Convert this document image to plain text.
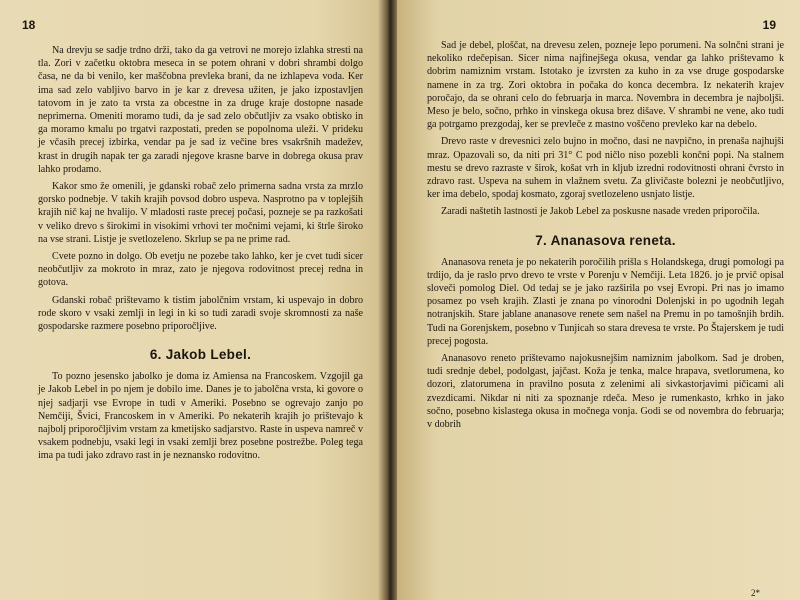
18

Na drevju se sadje trdno drži, tako da ga vetrovi ne morejo izlahka stresti na tla. Zori v začetku oktobra meseca in se potem ohrani v dobri shrambi dolgo časa, ne da bi venilo, ker maščobna prevleka brani, da ne izhlapeva voda. Ker ima sad zelo vabljivo barvo in je kar z drevesa užiten, je jako izpostavljen tatovom in je zato ta vrsta za obcestne in za druge kraje dostopne nasade neprimerna. Omeniti moramo tudi, da je sad zelo občutljiv za vsako obtisko in ga moramo kmalu po trgatvi razpostati, preden se popolnoma uleži. V prideku je včasih precej izbirka, vendar pa je sad iz večine bres vsakršnih madežev, krast in drugih napak ter ga zaradi njegove krasne barve in dobrega okusa prav lahko prodamo.

Kakor smo že omenili, je gdanski robač zelo primerna sadna vrsta za mrzlo gorsko podnebje. V takih krajih povsod dobro uspeva. Nasprotno pa v toplejših krajih nič kaj ne hvalijo. V mladosti raste precej počasi, pozneje se pa razkošati v veliko drevo s širokimi in visokimi vrhovi ter močnimi vejami, ki štrle široko na vse strani. Listje je svetlozeleno. Skrlup se pa ne prime rad.

Cvete pozno in dolgo. Ob evetju ne pozebe tako lahko, ker je cvet tudi sicer neobčutljiv za mokroto in mraz, zato je njegova rodovitnost precej redna in gotova.

Gdanski robač prištevamo k tistim jabolčnim vrstam, ki uspevajo in dobro rode skoro v vsaki zemlji in legi in ki so tudi zaradi svoje skromnosti za naše gospodarske razmere posebno priporočljive.

6. Jakob Lebel.

To pozno jesensko jabolko je doma iz Amiensa na Francoskem. Vzgojil ga je Jakob Lebel in po njem je dobilo ime. Danes je to jabolčna vrsta, ki govore o njej sadjarji vse Evrope in tudi v Ameriki. Posebno se ogrevajo zanjo po Nemčiji, Švici, Francoskem in v Ameriki. Po nekaterih krajih jo prištevajo k najbolj priporočljivim vrstam za kmetijsko sadjarstvo. Raste in uspeva namreč v vsakem podnebju, vsaki legi in vsaki zemlji brez posebne postrežbe. Poleg tega ima pa tudi jako zdravo rast in je neznansko rodovitno.

19

Sad je debel, ploščat, na drevesu zelen, pozneje lepo porumeni. Na solnčni strani je nekoliko rdečepisan. Sicer nima najfinejšega okusa, vendar ga lahko prištevamo k dobrim namiznim vrstam. Istotako je izvrsten za kuho in za vse druge gospodarske namene in za trg. Zori oktobra in počaka do konca decembra. Iz nekaterih krajev poročajo, da se ohrani celo do februarja in marca. Novembra in decembra je najboljši. Meso je belo, sočno, prhko in vinskega okusa brez dišave. V shrambi ne vene, ako tudi ga potrgamo prezgodaj, ker se prevleče z mastno voščeno prevleko kar na debelo.

Drevo raste v drevesnici zelo bujno in močno, dasi ne navpično, in prenaša najhujši mraz. Opazovali so, da niti pri 31° C pod ničlo niso pozebli končni popi. Na stalnem mestu se drevo razraste v širok, košat vrh in kljub izredni rodovitnosti ohrani čvrsto in zdravo rast. Uspeva na suhem in vlažnem svetu. Za glivičaste bolezni je neobčutljivo, ker ima debelo, spodaj kosmato, zgoraj svetlozeleno usnjato listje.

Zaradi naštetih lastnosti je Jakob Lebel za poskusne nasade vreden priporočila.

7. Ananasova reneta.

Ananasova reneta je po nekaterih poročilih prišla s Holandskega, drugi pomologi pa trdijo, da je raslo prvo drevo te vrste v Porenju v Nemčiji. Leta 1826. jo je prvič opisal sloveči pomolog Diel. Od tedaj se je jako razširila po vsej Evropi. Pri nas jo imamo posamez po vseh krajih. Zlasti je znana po vinorodni Dolenjski in po ugodnih legah notranjskih. Stare jablane ananasove renete sem našel na Premu in po tamošnjih brdih. Tudi na Gorenjskem, posebno v Tunjicah so stara drevesa te vrste. Po Štajerskem je tudi precej pogosta.

Ananasovo reneto prištevamo najokusnejšim namiznim jabolkom. Sad je droben, tudi srednje debel, podolgast, jajčast. Koža je tenka, malce hrapava, svetlorumena, ko dozori, zlatorumena in pravilno posuta z zelenimi ali sivkastorjavimi pičicami ali zvezdicami. Nikdar ni niti za spoznanje rdeča. Meso je rumenkasto, krhko in jako sočno, posebno kislastega okusa in močnega vonja. Godi se od novembra do februarja; v dobrih

2*
